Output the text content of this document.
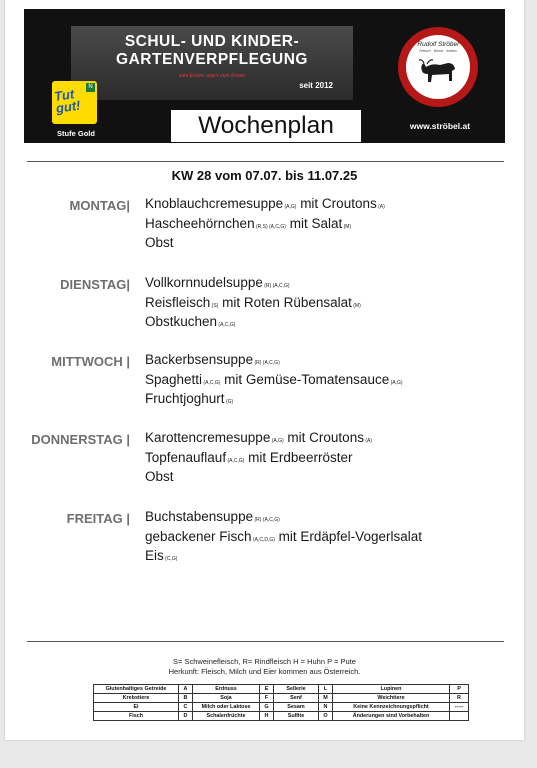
SCHUL- UND KINDER-
GARTENVERPFLEGUNG
zum Essen, was’s zum Essen
seit 2012
Tut gut!
N
Stufe Gold	Wochenplan
Rudolf Ströbel
Fleisch · Wurst · Imbiss
www.ströbel.at
KW 28 vom 07.07. bis 11.07.25
MONTAG| Knoblauchcremesuppe (A,G) mit Croutons (A)
Hascheehörnchen (R,S) (A,C,G) mit Salat (M)
Obst
DIENSTAG| Vollkornnudelsuppe (R) (A,C,G)
Reisfleisch (S) mit Roten Rübensalat (M)
Obstkuchen (A,C,G)
MITTWOCH | Backerbsensuppe (R) (A,C,G)
Spaghetti (A,C,G) mit Gemüse-Tomatensauce (A,G)
Fruchtjoghurt (G)
DONNERSTAG | Karottencremesuppe (A,G) mit Croutons (A)
Topfenauflauf (A,C,G) mit Erdbeerröster
Obst
FREITAG | Buchstabensuppe (R) (A,C,G)
gebackener Fisch (A,C,D,G) mit Erdäpfel-Vogerlsalat
Eis (C,G)
S= Schweinefleisch, R= Rindfleisch H = Huhn P = Pute
Herkunft: Fleisch, Milch und Eier kommen aus Österreich.
Glutenhaltiges Getreide	A	Erdnuss	E	Sellerie	L	Lupinen	P
Krebstiere	B	Soja	F	Senf	M	Weichtiere	R
Ei	C	Milch oder Laktose	G	Sesam	N	Keine Kennzeichnungspflicht	-----
Fisch	D	Schalenfrüchte	H	Sulfite	O	Änderungen sind Vorbehalten	
